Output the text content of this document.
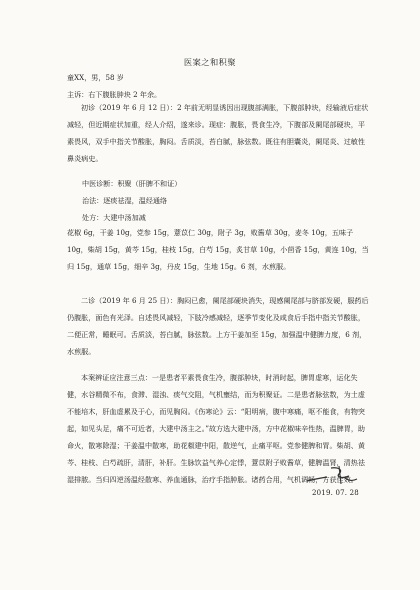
医案之和积聚
童XX，男，58 岁
主诉：右下腹胀肿块 2 年余。
初诊（2019 年 6 月 12 日）：2 年前无明显诱因出现腹部满胀，下腹部肿块，经输液后症状减轻，但近期症状加重，经人介绍，遂来诊。现症：腹胀，畏食生冷，下腹部及阑尾部硬块，平素畏风，双手中指关节酸胀，胸闷。舌质淡，苔白腻，脉弦数。既往有胆囊炎，阑尾炎、过敏性鼻炎病史。
中医诊断：积聚（肝脾不和证）
治法：逐痰祛湿，温经通络
处方：大建中汤加减
花椒 6g，干姜 10g，党参 15g，薏苡仁 30g，附子 3g，败酱草 30g，麦冬 10g，五味子 10g，柴胡 15g，黄芩 15g，桂枝 15g，白芍 15g，炙甘草 10g，小茴香 15g，黄连 10g，当归 15g，通草 15g，细辛 3g，丹皮 15g，生地 15g。6 剂，水煎服。
二诊（2019 年 6 月 25 日）：胸闷已愈，阑尾部硬块消失，现感阑尾部与脐部发硬，服药后仍腹胀，面色有光泽。自述畏风减轻，下肢冷感减轻，逐季节变化及咸食后手指中指关节酸胀，二便正常，睡眠可。舌质淡，苔白腻，脉弦数。上方干姜加至 15g，加强温中健脾力度，6 剂，水煎服。
本案辨证应注意三点：一是患者平素畏食生冷，腹部肿块，时消时起，脾胃虚寒，运化失健，水谷精微不布，食滞、湿浊、痰气交阻，气机壅结，而为积聚证。二是患者脉弦数，为土虚不能培木，肝血虚累及于心，而见胸闷。《伤寒论》云：“阳明病，腹中寒痛，呕不能食，有物突起，如见头足，痛不可近者，大建中汤主之。”故方选大建中汤，方中花椒味辛性热，温脾胃，助命火，散寒除湿；干姜温中散寒，助花椒建中阳，散逆气，止痛平呕。党参健脾和胃。柴胡、黄芩、桂枝、白芍疏肝，清肝，补肝。生脉饮益气养心定悸，薏苡附子败酱草，健脾温肾，清热祛湿排脓。当归四逆汤温经散寒、养血通脉，治疗手指肿胀。诸药合用，气机调畅，方获佳效。
2019. 07. 28
